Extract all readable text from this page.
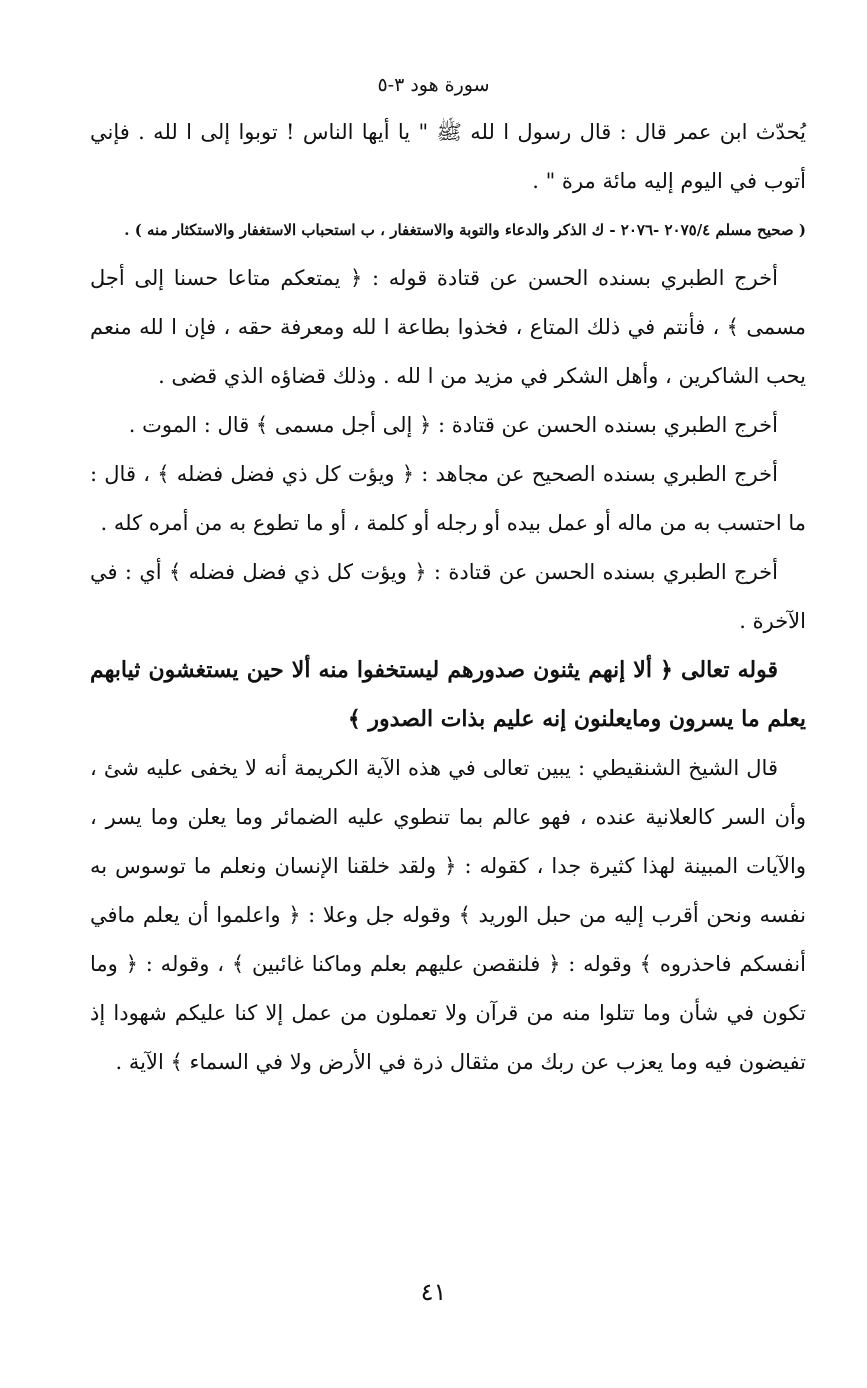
سورة هود ٣-٥

يُحدّث ابن عمر قال : قال رسول ا لله ﷺ " يا أيها الناس ! توبوا إلى ا لله . فإني أتوب في اليوم إليه مائة مرة " .

( صحيح مسلم ٢٠٧٥/٤ -٢٠٧٦ - ك الذكر والدعاء والتوبة والاستغفار ، ب استحباب الاستغفار والاستكثار منه ) .

أخرج الطبري بسنده الحسن عن قتادة قوله : ﴿ يمتعكم متاعا حسنا إلى أجل مسمى ﴾ ، فأنتم في ذلك المتاع ، فخذوا بطاعة ا لله ومعرفة حقه ، فإن ا لله منعم يحب الشاكرين ، وأهل الشكر في مزيد من ا لله . وذلك قضاؤه الذي قضى .

أخرج الطبري بسنده الحسن عن قتادة : ﴿ إلى أجل مسمى ﴾ قال : الموت .

أخرج الطبري بسنده الصحيح عن مجاهد : ﴿ ويؤت كل ذي فضل فضله ﴾ ، قال : ما احتسب به من ماله أو عمل بيده أو رجله أو كلمة ، أو ما تطوع به من أمره كله .

أخرج الطبري بسنده الحسن عن قتادة : ﴿ ويؤت كل ذي فضل فضله ﴾ أي : في الآخرة .

قوله تعالى ﴿ ألا إنهم يثنون صدورهم ليستخفوا منه ألا حين يستغشون ثيابهم يعلم ما يسرون ومايعلنون إنه عليم بذات الصدور ﴾

قال الشيخ الشنقيطي : يبين تعالى في هذه الآية الكريمة أنه لا يخفى عليه شئ ، وأن السر كالعلانية عنده ، فهو عالم بما تنطوي عليه الضمائر وما يعلن وما يسر ، والآيات المبينة لهذا كثيرة جدا ، كقوله : ﴿ ولقد خلقنا الإنسان ونعلم ما توسوس به نفسه ونحن أقرب إليه من حبل الوريد ﴾ وقوله جل وعلا : ﴿ واعلموا أن يعلم مافي أنفسكم فاحذروه ﴾ وقوله : ﴿ فلنقصن عليهم بعلم وماكنا غائبين ﴾ ، وقوله : ﴿ وما تكون في شأن وما تتلوا منه من قرآن ولا تعملون من عمل إلا كنا عليكم شهودا إذ تفيضون فيه وما يعزب عن ربك من مثقال ذرة في الأرض ولا في السماء ﴾ الآية .

٤١
